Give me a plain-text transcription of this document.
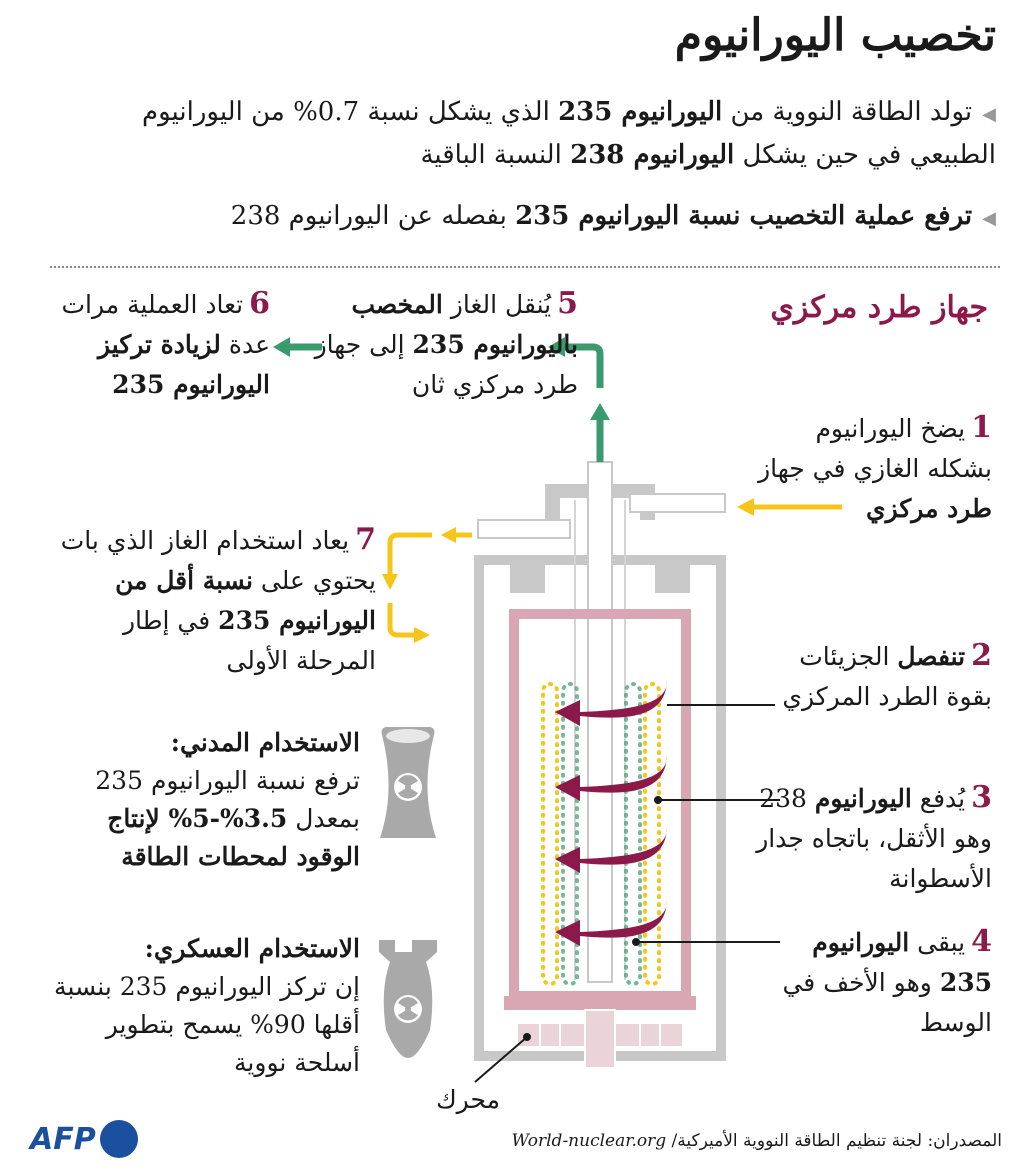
تخصيب اليورانيوم
◀تولد الطاقة النووية من اليورانيوم 235 الذي يشكل نسبة 0.7% من اليورانيوم الطبيعي في حين يشكل اليورانيوم 238 النسبة الباقية
◀ترفع عملية التخصيب نسبة اليورانيوم 235 بفصله عن اليورانيوم 238
جهاز طرد مركزي
1يضخ اليورانيوم بشكله الغازي في جهاز طرد مركزي
2تنفصل الجزيئات بقوة الطرد المركزي
3يُدفع اليورانيوم 238 وهو الأثقل، باتجاه جدار الأسطوانة
4يبقى اليورانيوم 235 وهو الأخف في الوسط
5يُنقل الغاز المخصب باليورانيوم 235 إلى جهاز طرد مركزي ثان
6تعاد العملية مرات عدة لزيادة تركيز اليورانيوم 235
7يعاد استخدام الغاز الذي بات يحتوي على نسبة أقل من اليورانيوم 235 في إطار المرحلة الأولى
الاستخدام المدني:
ترفع نسبة اليورانيوم 235 بمعدل 3.5%-5% لإنتاج الوقود لمحطات الطاقة
الاستخدام العسكري:
إن تركز اليورانيوم 235 بنسبة أقلها 90% يسمح بتطوير أسلحة نووية
محرك
المصدران: لجنة تنظيم الطاقة النووية الأميركية/ World-nuclear.org
AFP
